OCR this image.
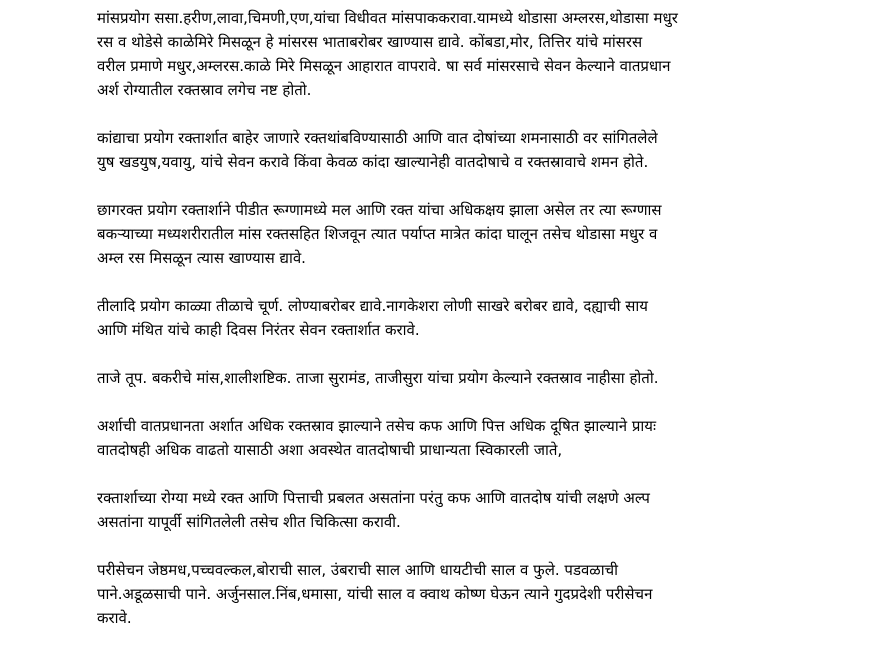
मांसप्रयोग ससा.हरीण,लावा,चिमणी,एण,यांचा विधीवत मांसपाककरावा.यामध्ये थोडासा अम्लरस,थोडासा मधुर
रस व थोडेसे काळेमिरे मिसळून हे मांसरस भाताबरोबर खाण्यास द्यावे. कोंबडा,मोर, तित्तिर यांचे मांसरस
वरील प्रमाणे मधुर,अम्लरस.काळे मिरे मिसळून आहारात वापरावे. षा सर्व मांसरसाचे सेवन केल्याने वातप्रधान
अर्श रोग्यातील रक्तस्राव लगेच नष्ट होतो.

कांद्याचा प्रयोग रक्तार्शात बाहेर जाणारे रक्तथांबविण्यासाठी आणि वात दोषांच्या शमनासाठी वर सांगितलेले
युष खडयुष,यवायु, यांचे सेवन करावे किंवा केवळ कांदा खाल्यानेही वातदोषाचे व रक्तस्रावाचे शमन होते.

छागरक्त प्रयोग रक्तार्शाने पीडीत रूग्णामध्ये मल आणि रक्त यांचा अधिकक्षय झाला असेल तर त्या रूग्णास
बकऱ्याच्या मध्यशरीरातील मांस रक्तसहित शिजवून त्यात पर्याप्त मात्रेत कांदा घालून तसेच थोडासा मधुर व
अम्ल रस मिसळून त्यास खाण्यास द्यावे.

तीलादि प्रयोग काळ्या तीळाचे चूर्ण. लोण्याबरोबर द्यावे.नागकेशरा लोणी साखरे बरोबर द्यावे, दह्याची साय
आणि मंथित यांचे काही दिवस निरंतर सेवन रक्तार्शात करावे.

ताजे तूप. बकरीचे मांस,शालीशष्टिक. ताजा सुरामंड, ताजीसुरा यांचा प्रयोग केल्याने रक्तस्राव नाहीसा होतो.

अर्शाची वातप्रधानता अर्शात अधिक रक्तस्राव झाल्याने तसेच कफ आणि पित्त अधिक दूषित झाल्याने प्रायः
वातदोषही अधिक वाढतो यासाठी अशा अवस्थेत वातदोषाची प्राधान्यता स्विकारली जाते,

रक्तार्शाच्या रोग्या मध्ये रक्त आणि पित्ताची प्रबलत असतांना परंतु कफ आणि वातदोष यांची लक्षणे अल्प
असतांना यापूर्वी सांगितलेली तसेच शीत चिकित्सा करावी.

परीसेचन जेष्ठमध,पच्चवल्कल,बोराची साल, उंबराची साल आणि धायटीची साल व फुले. पडवळाची
पाने.अडूळसाची पाने. अर्जुनसाल.निंब,धमासा, यांची साल व क्वाथ कोष्ण घेऊन त्याने गुदप्रदेशी परीसेचन
करावे.
